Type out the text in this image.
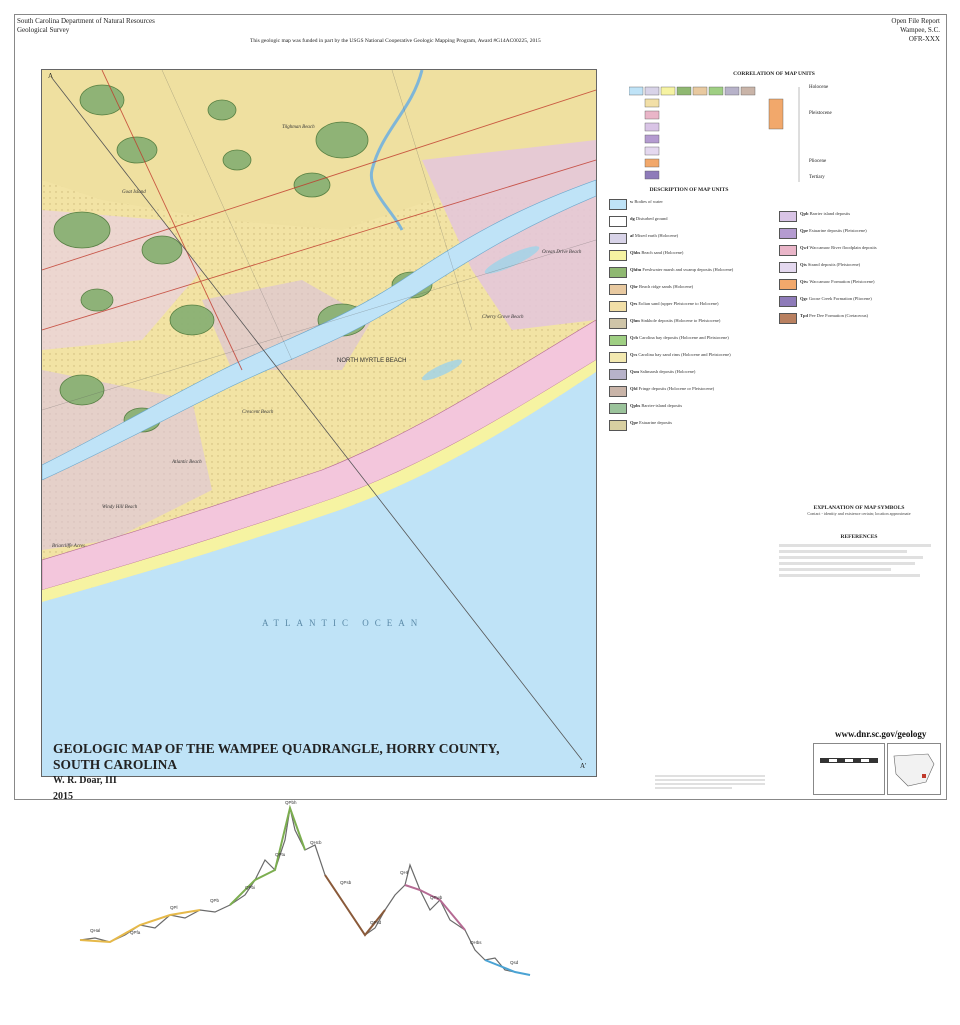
South Carolina Department of Natural Resources
Geological Survey
This geologic map was funded in part by the USGS National Cooperative Geologic Mapping Program, Award #G14AC00225, 2015
Open File Report
Wampee, S.C.
OFR-XXX
NORTH MYRTLE BEACH
Cherry Grove Beach
Ocean Drive Beach
Crescent Beach
Atlantic Beach
Windy Hill Beach
Briarcliffe Acres
Tilghman Beach
Goat Island
ATLANTIC OCEAN
A
A'
GEOLOGIC MAP OF THE WAMPEE QUADRANGLE, HORRY COUNTY,
SOUTH CAROLINA
W. R. Doar, III
2015
CORRELATION OF MAP UNITS
Holocene
Pleistocene
Pliocene
Tertiary
DESCRIPTION OF MAP UNITS
w Bodies of water
dg Disturbed ground
af Mixed earth (Holocene)
Qhbs Beach sand (Holocene)
Qhfm Freshwater marsh and swamp deposits (Holocene)
Qbr Beach ridge sands (Holocene)
Qes Eolian sand (upper Pleistocene to Holocene)
Qhm Sinkhole deposits (Holocene to Pleistocene)
Qcb Carolina bay deposits (Holocene and Pleistocene)
Qcs Carolina bay sand rims (Holocene and Pleistocene)
Qsm Saltmarsh deposits (Holocene)
Qfd Fringe deposits (Holocene or Pleistocene)
Qpbs Barrier-island deposits
Qpe Estuarine deposits
Qpb Barrier island deposits
Qpe Estuarine deposits (Pleistocene)
Qwf Waccamaw River floodplain deposits
Qts Strand deposits (Pleistocene)
Qtw Waccamaw Formation (Pleistocene)
Qgc Goose Creek Formation (Pliocene)
Tpd Pee Dee Formation (Cretaceous)
EXPLANATION OF MAP SYMBOLS
Contact - identity and existence certain; location approximate
REFERENCES
www.dnr.sc.gov/geology
QHal	QPfa
QPl
QPb
QPbi
QPtu
QPbh
QHcb
QPsb
QPsd
QHl
QPwb
QHbs
Qsd
